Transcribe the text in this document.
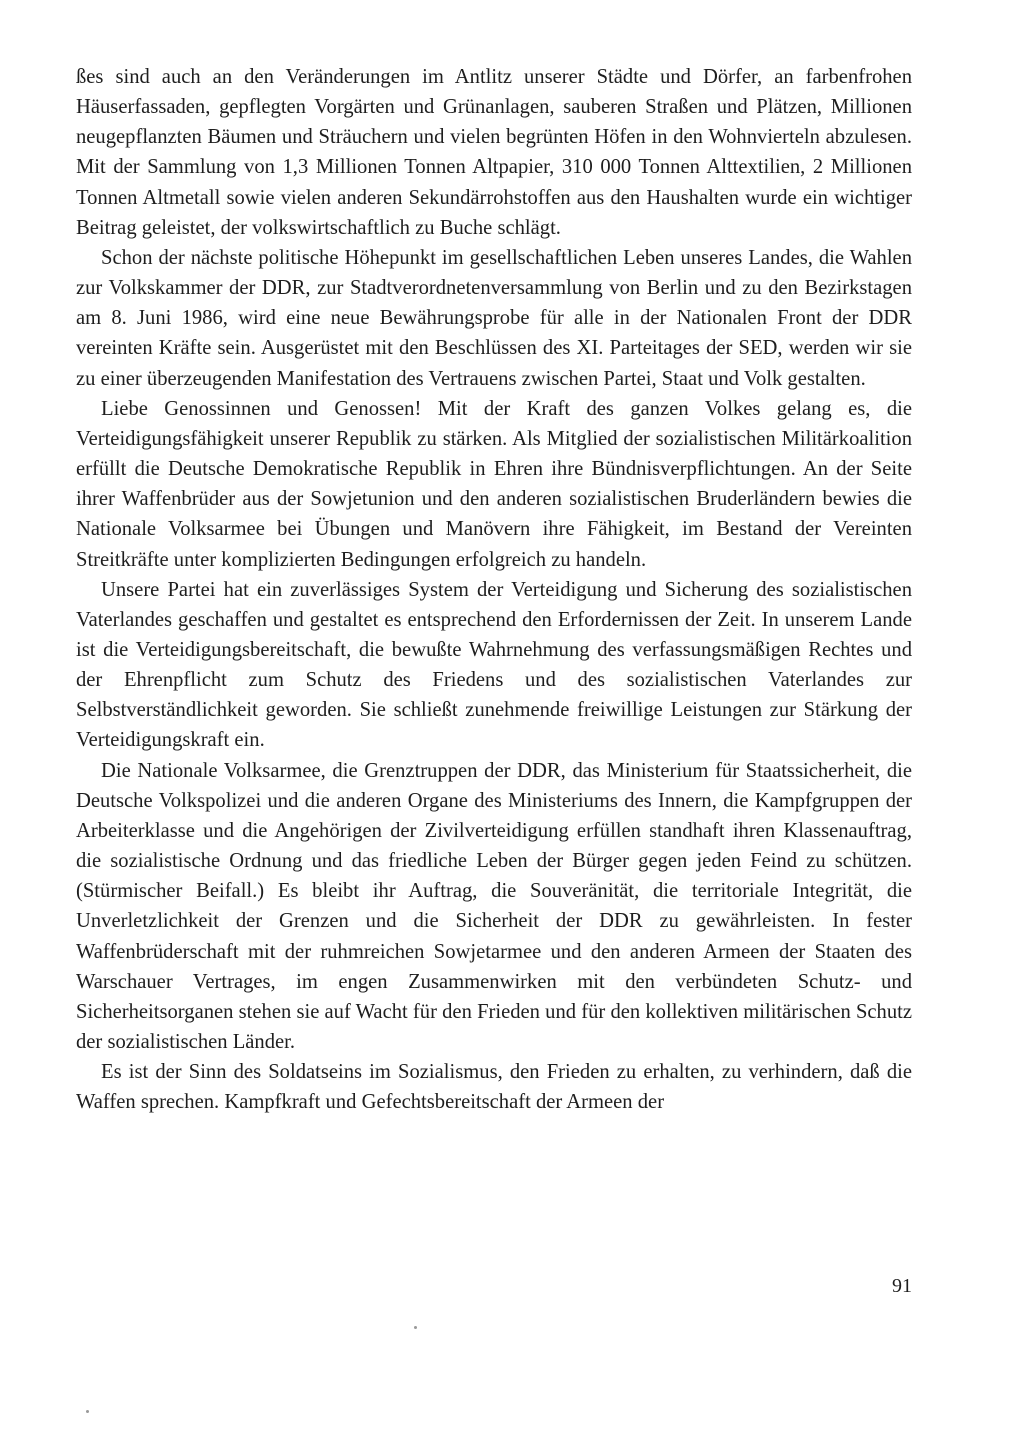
ßes sind auch an den Veränderungen im Antlitz unserer Städte und Dörfer, an farbenfrohen Häuserfassaden, gepflegten Vorgärten und Grünanlagen, sauberen Straßen und Plätzen, Millionen neugepflanzten Bäumen und Sträuchern und vielen begrünten Höfen in den Wohnvierteln abzulesen. Mit der Sammlung von 1,3 Millionen Tonnen Altpapier, 310 000 Tonnen Alttextilien, 2 Millionen Tonnen Altmetall sowie vielen anderen Sekundärrohstoffen aus den Haushalten wurde ein wichtiger Beitrag geleistet, der volkswirtschaftlich zu Buche schlägt.

Schon der nächste politische Höhepunkt im gesellschaftlichen Leben unseres Landes, die Wahlen zur Volkskammer der DDR, zur Stadtverordnetenversammlung von Berlin und zu den Bezirkstagen am 8. Juni 1986, wird eine neue Bewährungsprobe für alle in der Nationalen Front der DDR vereinten Kräfte sein. Ausgerüstet mit den Beschlüssen des XI. Parteitages der SED, werden wir sie zu einer überzeugenden Manifestation des Vertrauens zwischen Partei, Staat und Volk gestalten.

Liebe Genossinnen und Genossen! Mit der Kraft des ganzen Volkes gelang es, die Verteidigungsfähigkeit unserer Republik zu stärken. Als Mitglied der sozialistischen Militärkoalition erfüllt die Deutsche Demokratische Republik in Ehren ihre Bündnisverpflichtungen. An der Seite ihrer Waffenbrüder aus der Sowjetunion und den anderen sozialistischen Bruderländern bewies die Nationale Volksarmee bei Übungen und Manövern ihre Fähigkeit, im Bestand der Vereinten Streitkräfte unter komplizierten Bedingungen erfolgreich zu handeln.

Unsere Partei hat ein zuverlässiges System der Verteidigung und Sicherung des sozialistischen Vaterlandes geschaffen und gestaltet es entsprechend den Erfordernissen der Zeit. In unserem Lande ist die Verteidigungsbereitschaft, die bewußte Wahrnehmung des verfassungsmäßigen Rechtes und der Ehrenpflicht zum Schutz des Friedens und des sozialistischen Vaterlandes zur Selbstverständlichkeit geworden. Sie schließt zunehmende freiwillige Leistungen zur Stärkung der Verteidigungskraft ein.

Die Nationale Volksarmee, die Grenztruppen der DDR, das Ministerium für Staatssicherheit, die Deutsche Volkspolizei und die anderen Organe des Ministeriums des Innern, die Kampfgruppen der Arbeiterklasse und die Angehörigen der Zivilverteidigung erfüllen standhaft ihren Klassenauftrag, die sozialistische Ordnung und das friedliche Leben der Bürger gegen jeden Feind zu schützen. (Stürmischer Beifall.) Es bleibt ihr Auftrag, die Souveränität, die territoriale Integrität, die Unverletzlichkeit der Grenzen und die Sicherheit der DDR zu gewährleisten. In fester Waffenbrüderschaft mit der ruhmreichen Sowjetarmee und den anderen Armeen der Staaten des Warschauer Vertrages, im engen Zusammenwirken mit den verbündeten Schutz- und Sicherheitsorganen stehen sie auf Wacht für den Frieden und für den kollektiven militärischen Schutz der sozialistischen Länder.

Es ist der Sinn des Soldatseins im Sozialismus, den Frieden zu erhalten, zu verhindern, daß die Waffen sprechen. Kampfkraft und Gefechtsbereitschaft der Armeen der

91
